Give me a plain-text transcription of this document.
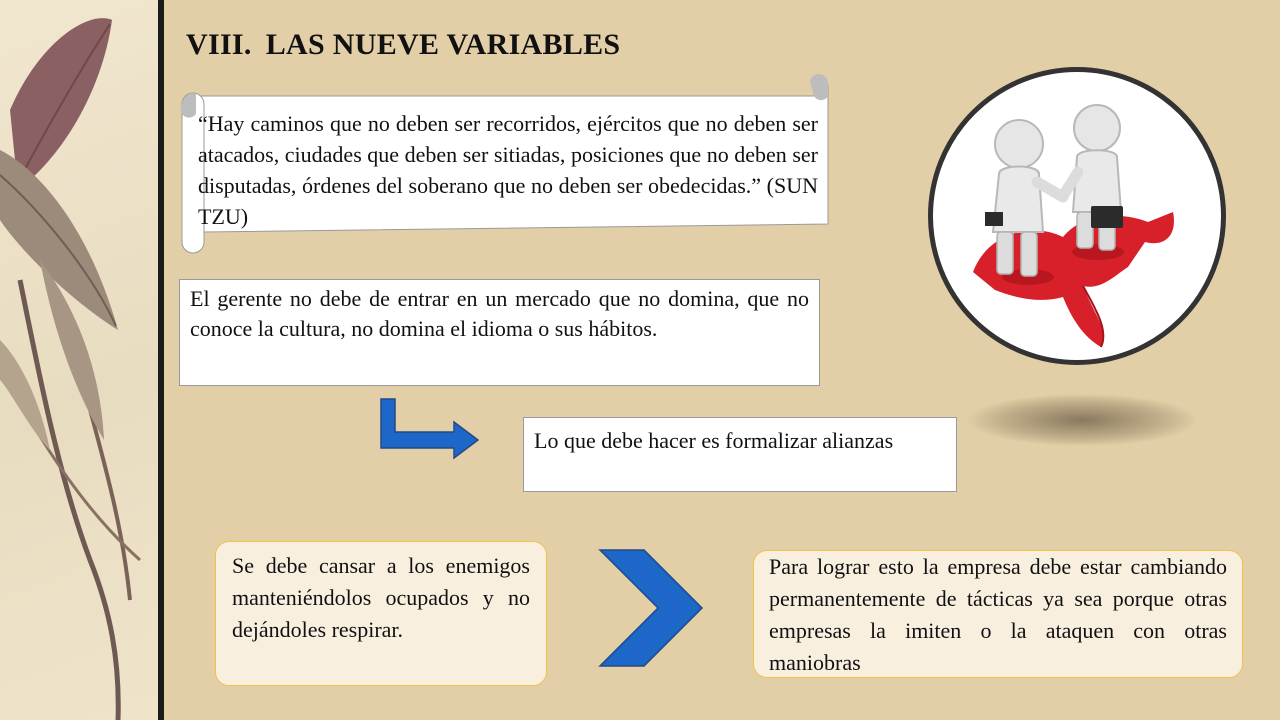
VIII. LAS NUEVE VARIABLES
“Hay caminos que no deben ser recorridos, ejércitos que no deben ser atacados, ciudades que deben ser sitiadas, posiciones que no deben ser disputadas, órdenes del soberano que no deben ser obedecidas.” (SUN TZU)
El gerente no debe de entrar en un mercado que no domina, que no conoce la cultura, no domina el idioma o sus hábitos.
Lo que debe hacer es formalizar alianzas
Se debe cansar a los enemigos manteniéndolos ocupados y no dejándoles respirar.
Para lograr esto la empresa debe estar cambiando permanentemente de tácticas ya sea porque otras empresas la imiten o la ataquen con otras maniobras
